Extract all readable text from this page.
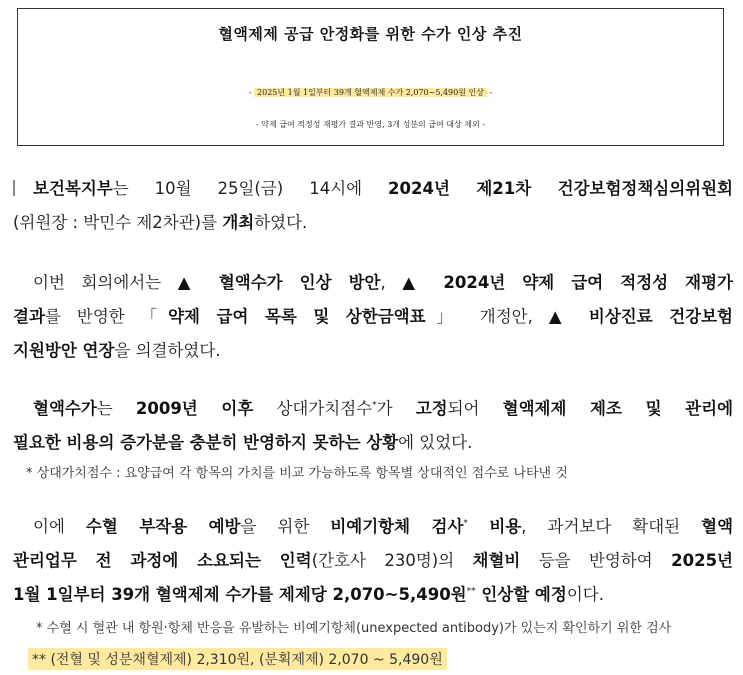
혈액제제 공급 안정화를 위한 수가 인상 추진
- 2025년 1월 1일부터 39개 혈액제제 수가 2,070~5,490원 인상 -
- 약제 급여 적정성 재평가 결과 반영, 3개 성분의 급여 대상 제외 -
보건복지부는 10월 25일(금) 14시에 2024년 제21차 건강보험정책심의위원회
(위원장 : 박민수 제2차관)를 개최하였다.
이번 회의에서는 ▲ 혈액수가 인상 방안, ▲ 2024년 약제 급여 적정성 재평가
결과를 반영한 「약제 급여 목록 및 상한금액표」 개정안, ▲ 비상진료 건강보험
지원방안 연장을 의결하였다.
혈액수가는 2009년 이후 상대가치점수*가 고정되어 혈액제제 제조 및 관리에
필요한 비용의 증가분을 충분히 반영하지 못하는 상황에 있었다.
* 상대가치점수 : 요양급여 각 항목의 가치를 비교 가능하도록 항목별 상대적인 점수로 나타낸 것
이에 수혈 부작용 예방을 위한 비예기항체 검사* 비용, 과거보다 확대된 혈액
관리업무 전 과정에 소요되는 인력(간호사 230명)의 채혈비 등을 반영하여 2025년
1월 1일부터 39개 혈액제제 수가를 제제당 2,070~5,490원** 인상할 예정이다.
* 수혈 시 혈관 내 항원·항체 반응을 유발하는 비예기항체(unexpected antibody)가 있는지 확인하기 위한 검사
** (전혈 및 성분채혈제제) 2,310원, (분획제제) 2,070 ~ 5,490원
